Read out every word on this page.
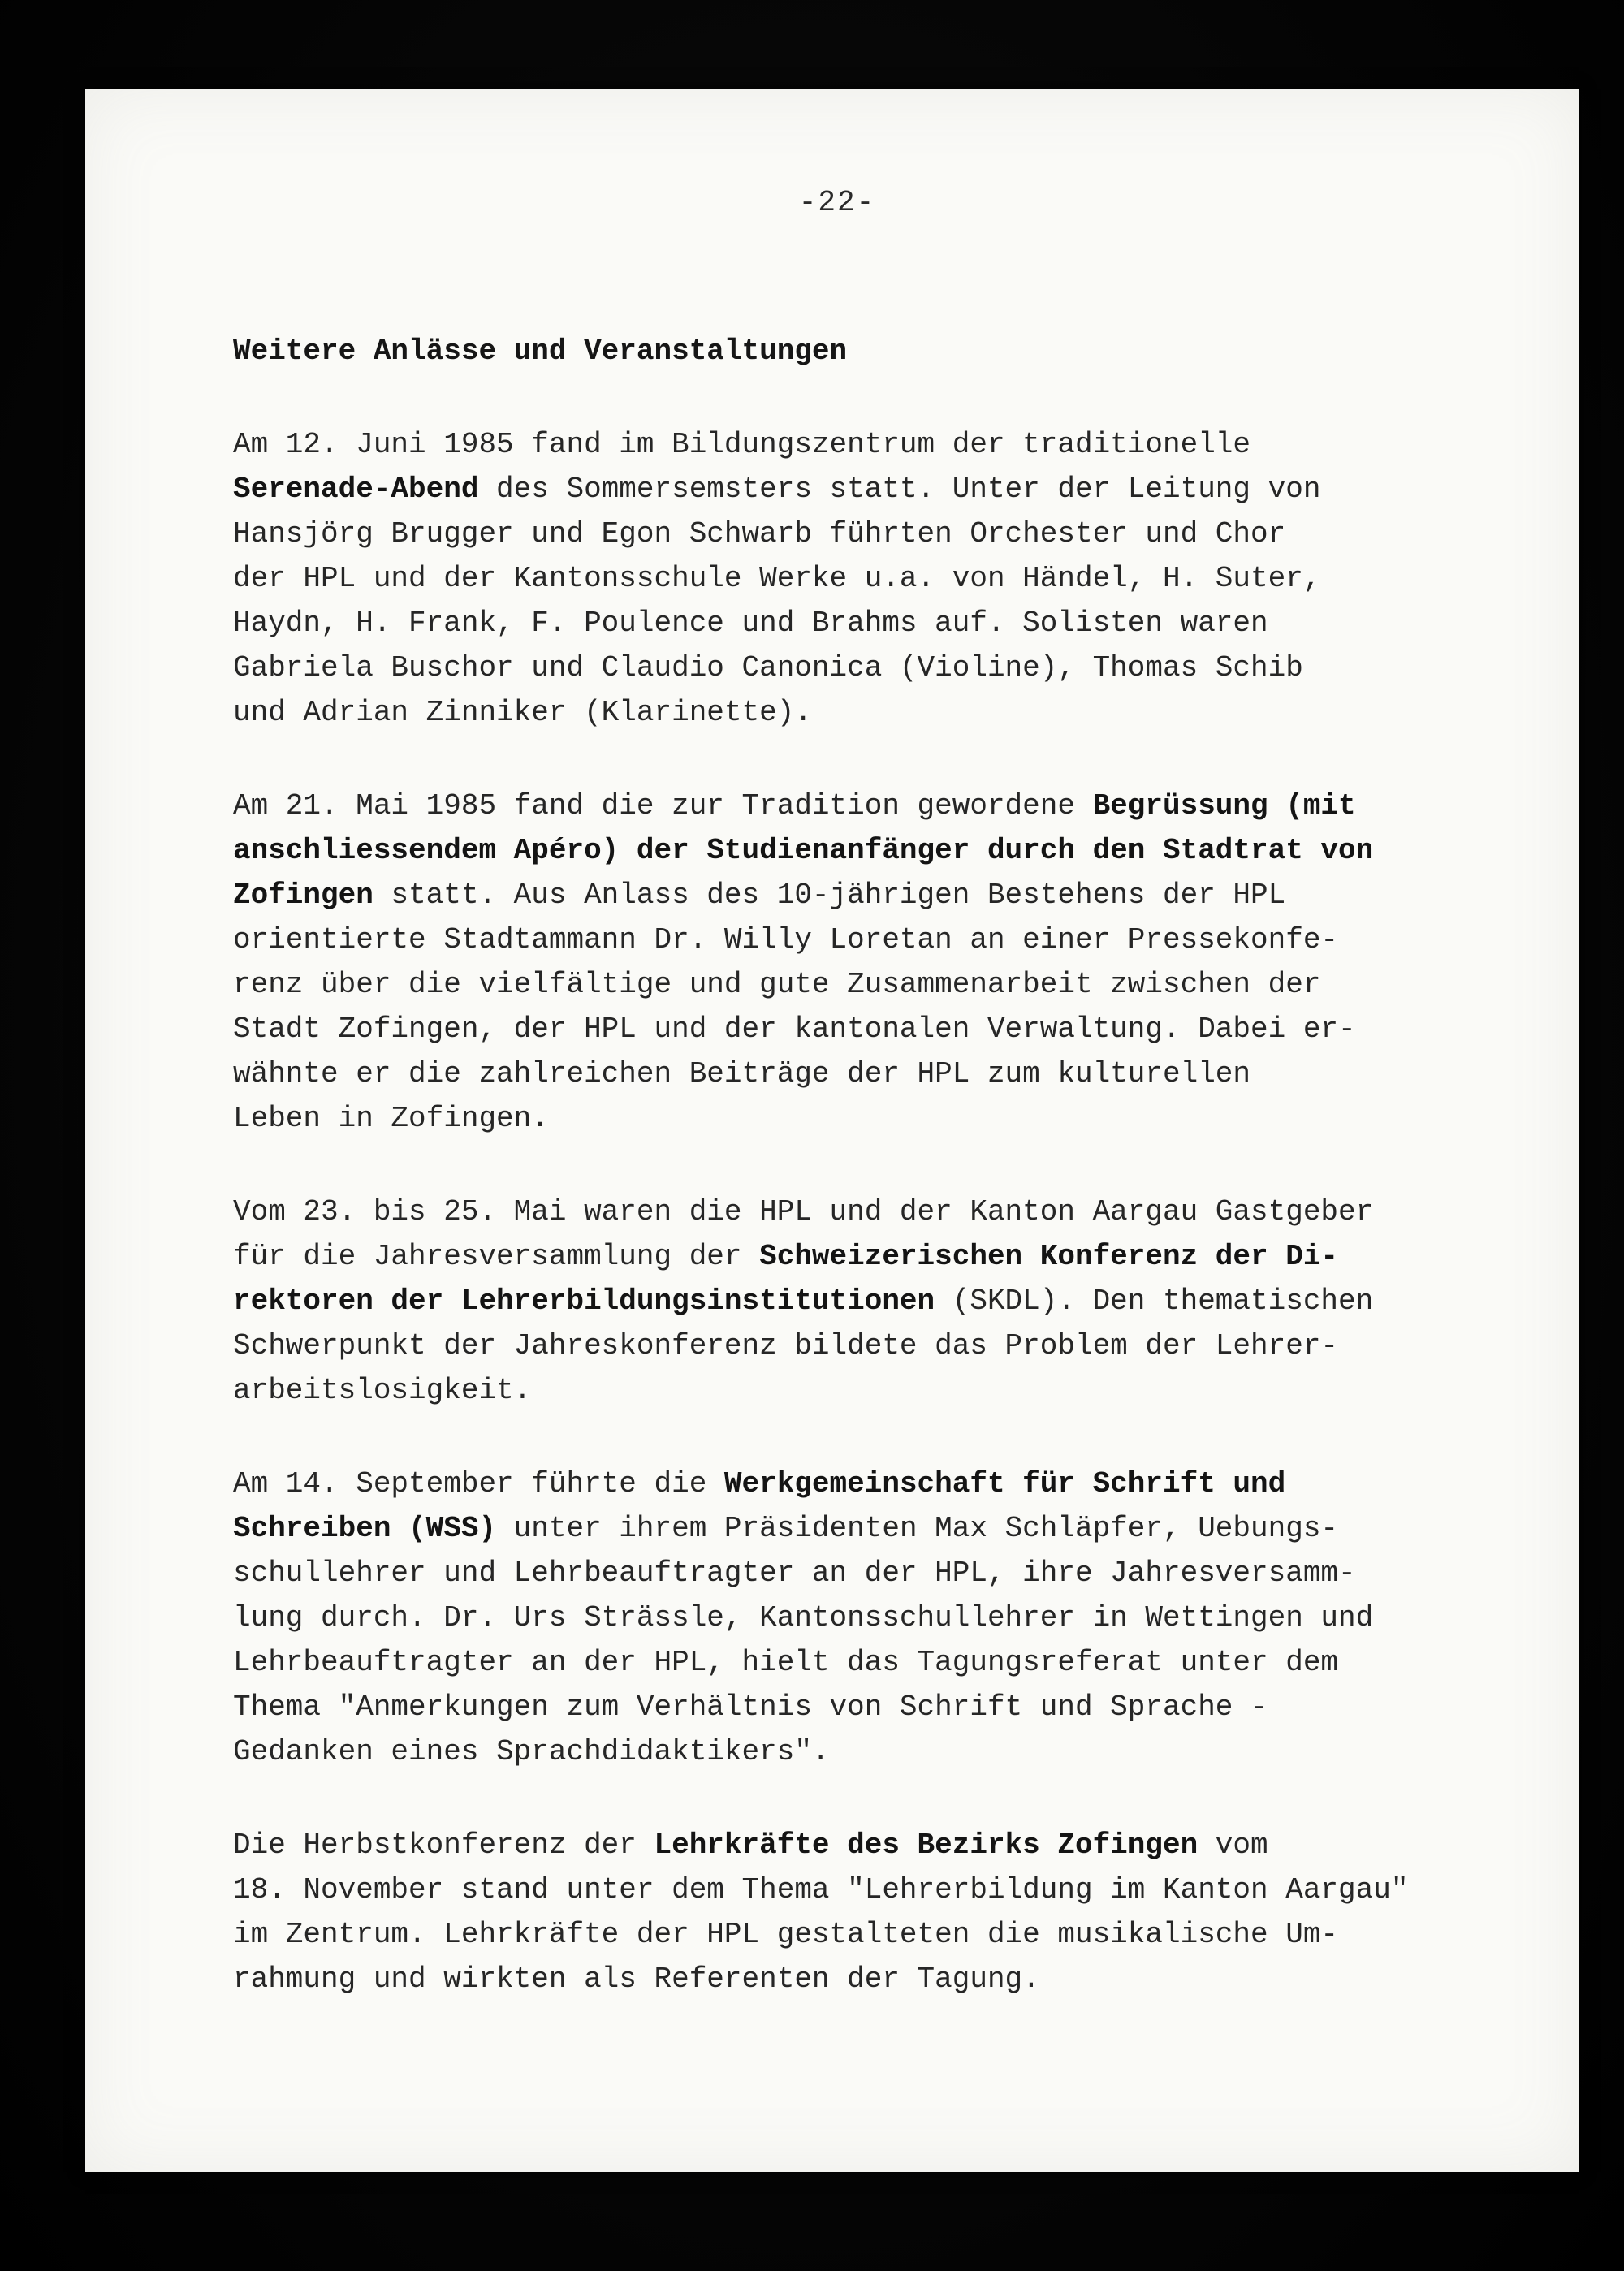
-22-
Weitere Anlässe und Veranstaltungen
Am 12. Juni 1985 fand im Bildungszentrum der traditionelle
Serenade-Abend des Sommersemsters statt. Unter der Leitung von
Hansjörg Brugger und Egon Schwarb führten Orchester und Chor
der HPL und der Kantonsschule Werke u.a. von Händel, H. Suter,
Haydn, H. Frank, F. Poulence und Brahms auf. Solisten waren
Gabriela Buschor und Claudio Canonica (Violine), Thomas Schib
und Adrian Zinniker (Klarinette).
Am 21. Mai 1985 fand die zur Tradition gewordene Begrüssung (mit
anschliessendem Apéro) der Studienanfänger durch den Stadtrat von
Zofingen statt. Aus Anlass des 10-jährigen Bestehens der HPL
orientierte Stadtammann Dr. Willy Loretan an einer Pressekonfe-
renz über die vielfältige und gute Zusammenarbeit zwischen der
Stadt Zofingen, der HPL und der kantonalen Verwaltung. Dabei er-
wähnte er die zahlreichen Beiträge der HPL zum kulturellen
Leben in Zofingen.
Vom 23. bis 25. Mai waren die HPL und der Kanton Aargau Gastgeber
für die Jahresversammlung der Schweizerischen Konferenz der Di-
rektoren der Lehrerbildungsinstitutionen (SKDL). Den thematischen
Schwerpunkt der Jahreskonferenz bildete das Problem der Lehrer-
arbeitslosigkeit.
Am 14. September führte die Werkgemeinschaft für Schrift und
Schreiben (WSS) unter ihrem Präsidenten Max Schläpfer, Uebungs-
schullehrer und Lehrbeauftragter an der HPL, ihre Jahresversamm-
lung durch. Dr. Urs Strässle, Kantonsschullehrer in Wettingen und
Lehrbeauftragter an der HPL, hielt das Tagungsreferat unter dem
Thema "Anmerkungen zum Verhältnis von Schrift und Sprache -
Gedanken eines Sprachdidaktikers".
Die Herbstkonferenz der Lehrkräfte des Bezirks Zofingen vom
18. November stand unter dem Thema "Lehrerbildung im Kanton Aargau"
im Zentrum. Lehrkräfte der HPL gestalteten die musikalische Um-
rahmung und wirkten als Referenten der Tagung.
